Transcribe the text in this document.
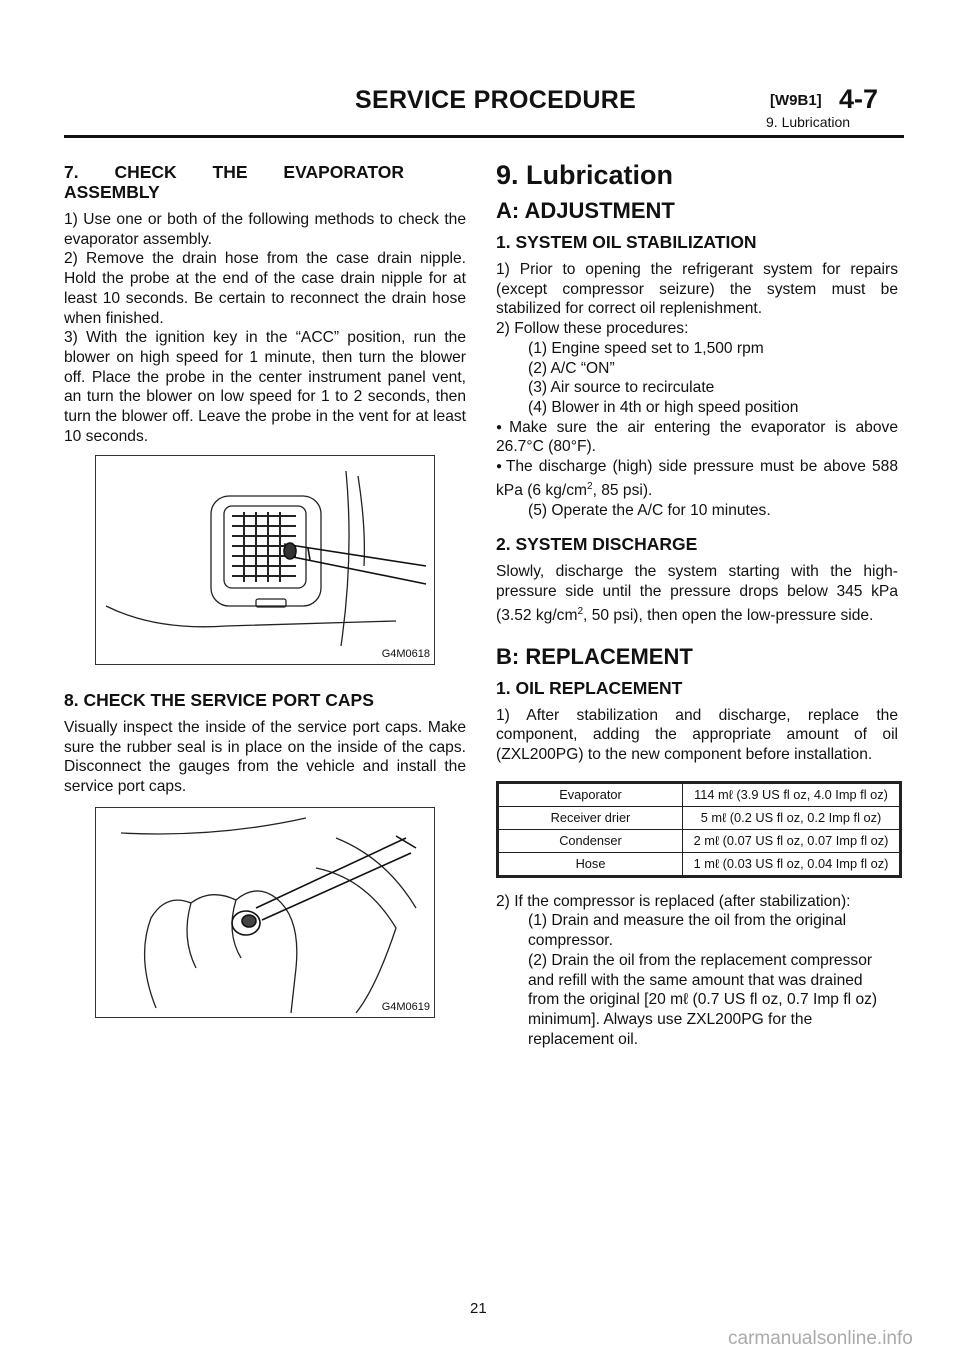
SERVICE PROCEDURE	[W9B1] 4-7
9. Lubrication

7. CHECK THE EVAPORATOR ASSEMBLY

1) Use one or both of the following methods to check the evaporator assembly.

2) Remove the drain hose from the case drain nipple. Hold the probe at the end of the case drain nipple for at least 10 seconds. Be certain to reconnect the drain hose when finished.

3) With the ignition key in the “ACC” position, run the blower on high speed for 1 minute, then turn the blower off. Place the probe in the center instrument panel vent, an turn the blower on low speed for 1 to 2 seconds, then turn the blower off. Leave the probe in the vent for at least 10 seconds.

G4M0618

8. CHECK THE SERVICE PORT CAPS

Visually inspect the inside of the service port caps. Make sure the rubber seal is in place on the inside of the caps. Disconnect the gauges from the vehicle and install the service port caps.

G4M0619

9. Lubrication

A: ADJUSTMENT

1. SYSTEM OIL STABILIZATION

1) Prior to opening the refrigerant system for repairs (except compressor seizure) the system must be stabilized for correct oil replenishment.

2) Follow these procedures:

(1) Engine speed set to 1,500 rpm

(2) A/C “ON”

(3) Air source to recirculate

(4) Blower in 4th or high speed position

● Make sure the air entering the evaporator is above 26.7°C (80°F).

● The discharge (high) side pressure must be above 588 kPa (6 $kg/cm^2$, 85 psi).

(5) Operate the A/C for 10 minutes.

2. SYSTEM DISCHARGE

Slowly, discharge the system starting with the high-pressure side until the pressure drops below 345 kPa (3.52 $kg/cm^2$, 50 psi), then open the low-pressure side.

B: REPLACEMENT

1. OIL REPLACEMENT

1) After stabilization and discharge, replace the component, adding the appropriate amount of oil (ZXL200PG) to the new component before installation.

Evaporator	114 mℓ (3.9 US fl oz, 4.0 Imp fl oz)
Receiver drier	5 mℓ (0.2 US fl oz, 0.2 Imp fl oz)
Condenser	2 mℓ (0.07 US fl oz, 0.07 Imp fl oz)
Hose	1 mℓ (0.03 US fl oz, 0.04 Imp fl oz)

2) If the compressor is replaced (after stabilization):

(1) Drain and measure the oil from the original compressor.

(2) Drain the oil from the replacement compressor and refill with the same amount that was drained from the original [20 mℓ (0.7 US fl oz, 0.7 Imp fl oz) minimum]. Always use ZXL200PG for the replacement oil.

21
carmanualsonline.info
